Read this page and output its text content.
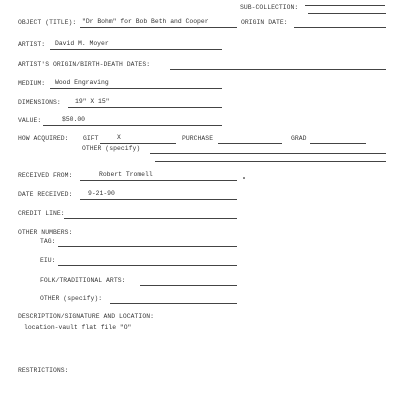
SUB-COLLECTION:
OBJECT (TITLE): "Dr Bohm" for Bob Beth and Cooper	ORIGIN DATE:
ARTIST: David M. Moyer
ARTIST'S ORIGIN/BIRTH-DEATH DATES:
MEDIUM: Wood Engraving
DIMENSIONS: 19" X 15"
VALUE:	$50.00
HOW ACQUIRED: GIFT	X	PURCHASE	GRAD
OTHER (specify)
RECEIVED FROM:	Robert Tromell
DATE RECEIVED: 9-21-90
CREDIT LINE:
OTHER NUMBERS:
TAG:
EIU:
FOLK/TRADITIONAL ARTS:
OTHER (specify):
DESCRIPTION/SIGNATURE AND LOCATION:
location-vault flat file "O"
RESTRICTIONS:
